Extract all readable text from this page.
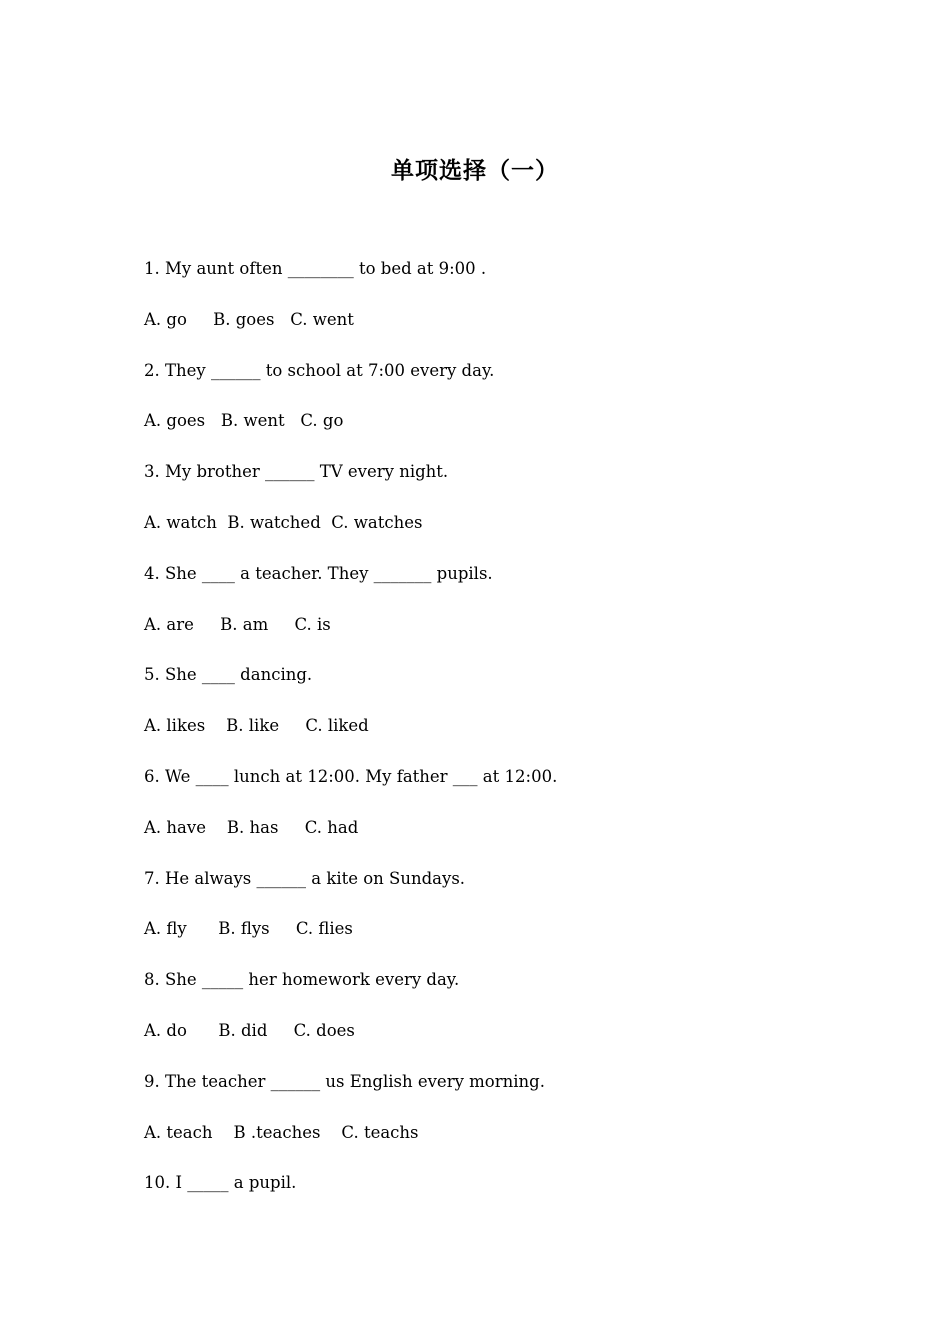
单项选择（一）
1. My aunt often ________ to bed at 9:00 .
A. go     B. goes   C. went
2. They ______ to school at 7:00 every day.
A. goes   B. went   C. go
3. My brother ______ TV every night.
A. watch  B. watched  C. watches
4. She ____ a teacher. They _______ pupils.
A. are     B. am     C. is
5. She ____ dancing.
A. likes    B. like     C. liked
6. We ____ lunch at 12:00. My father ___ at 12:00.
A. have    B. has     C. had
7. He always ______ a kite on Sundays.
A. fly      B. flys     C. flies
8. She _____ her homework every day.
A. do      B. did     C. does
9. The teacher ______ us English every morning.
A. teach    B .teaches    C. teachs
10. I _____ a pupil.
